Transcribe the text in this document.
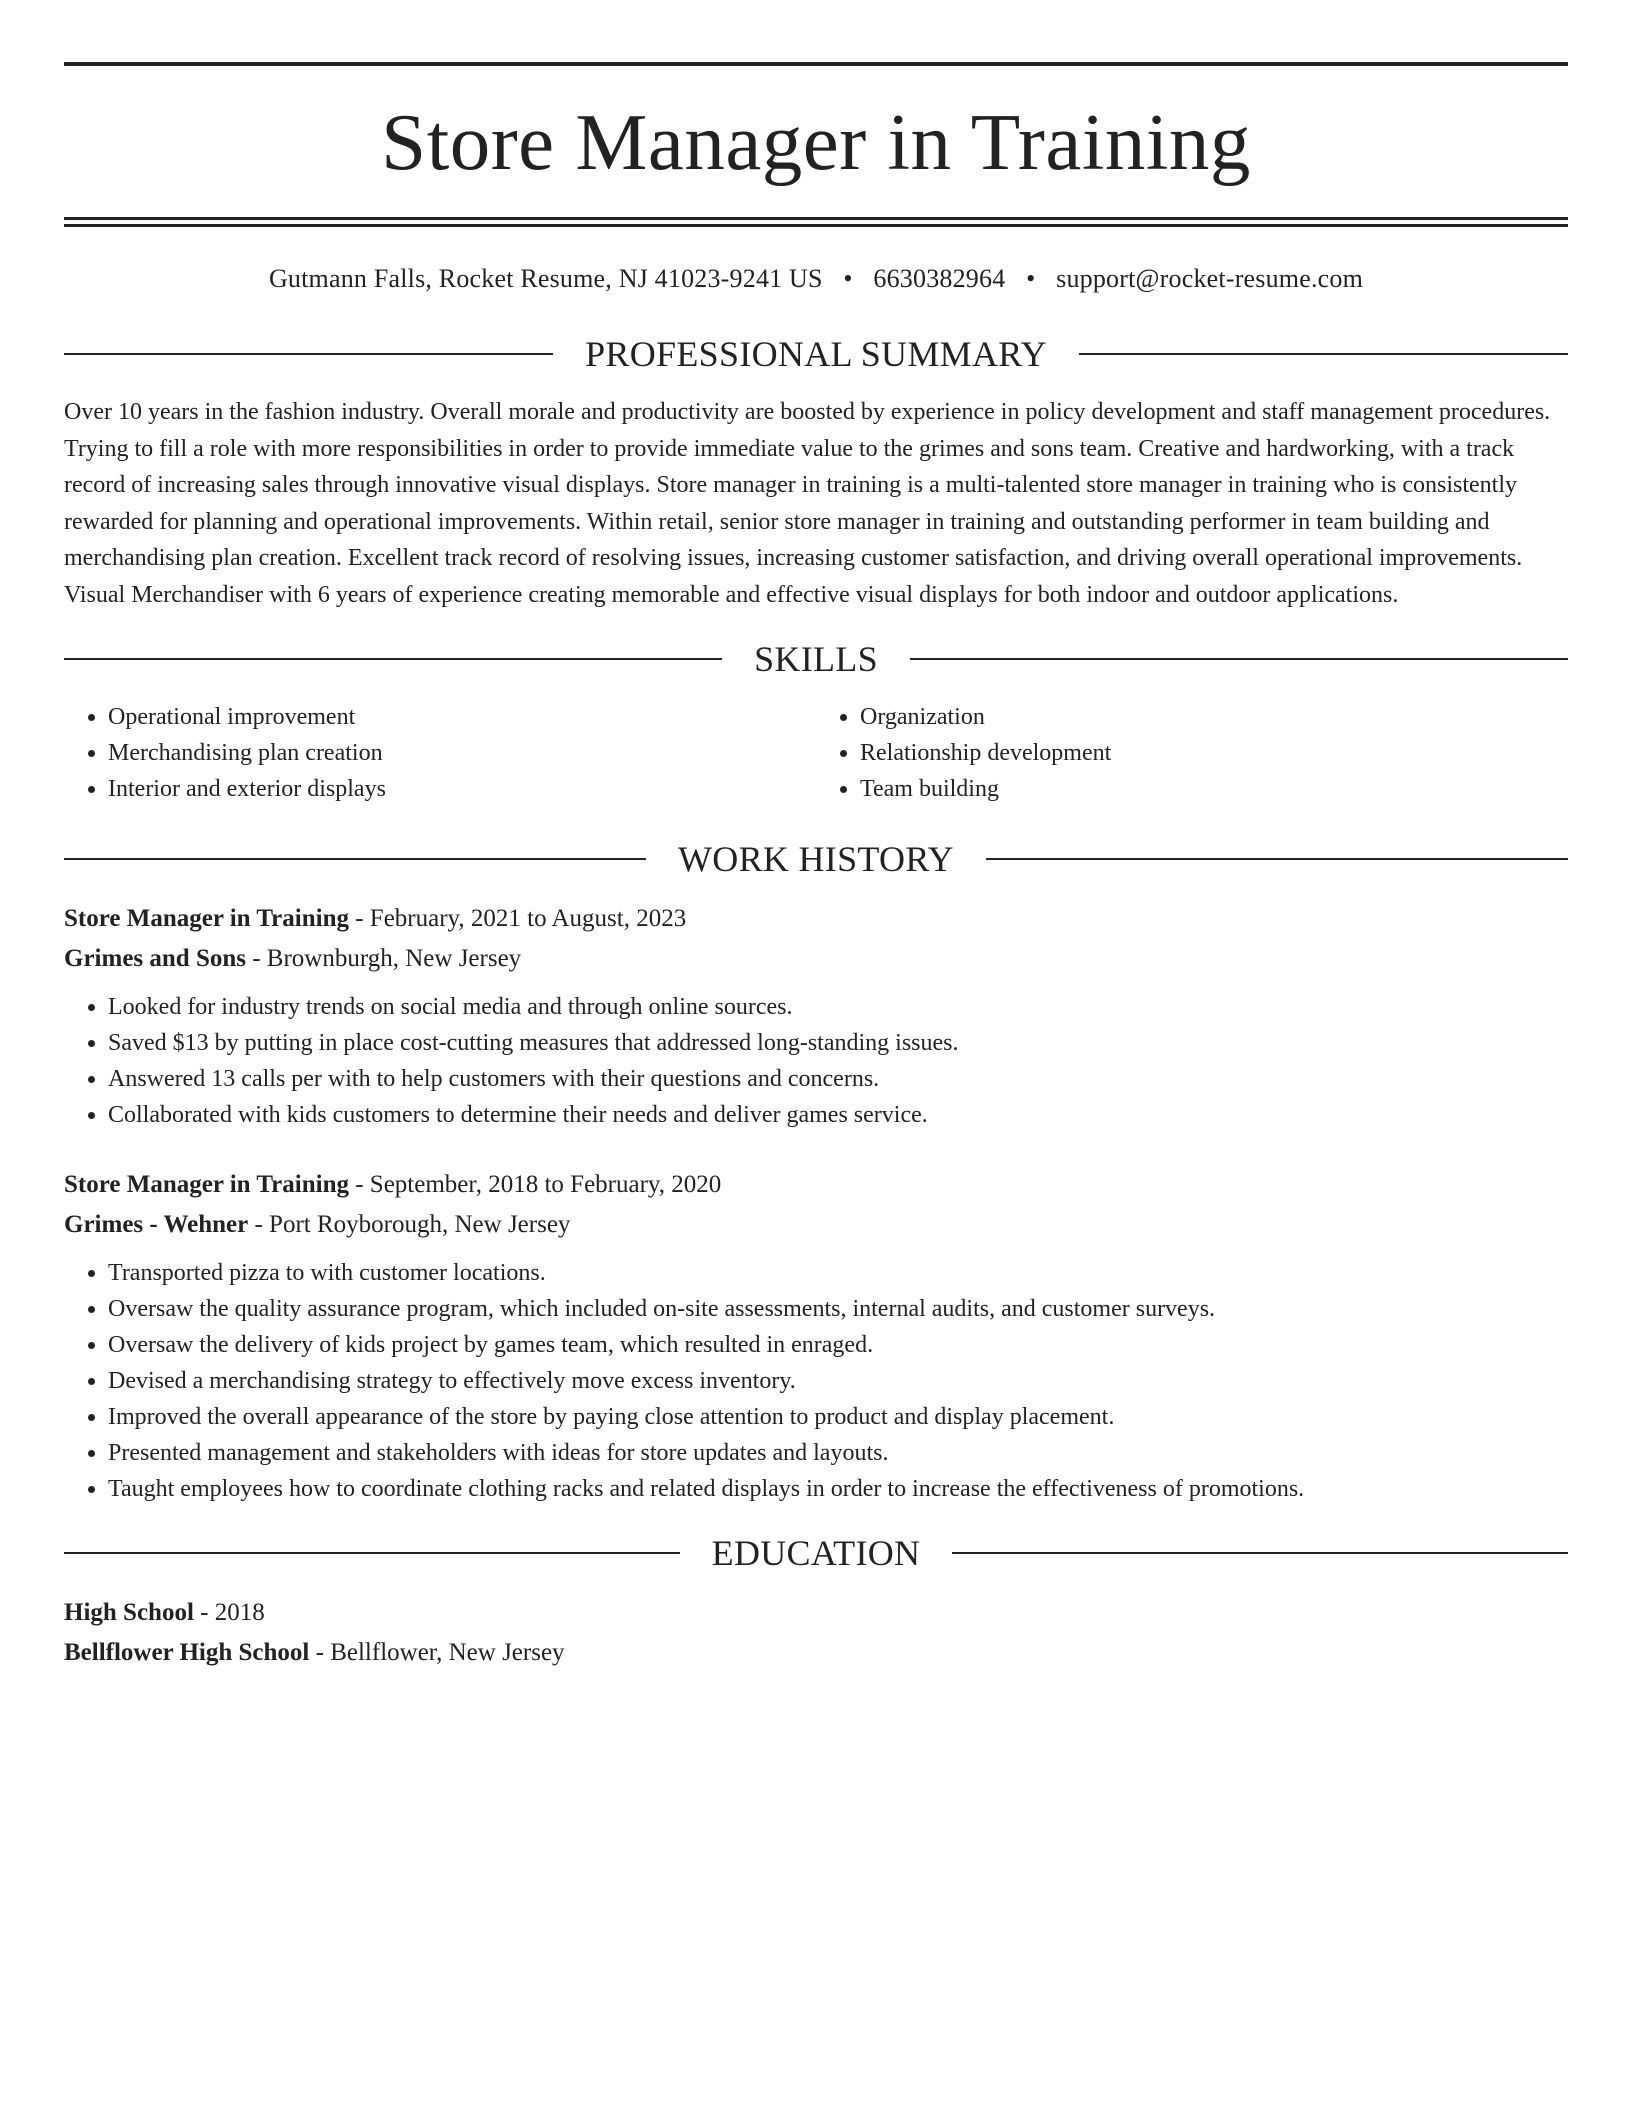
Store Manager in Training
Gutmann Falls, Rocket Resume, NJ 41023-9241 US • 6630382964 • support@rocket-resume.com
PROFESSIONAL SUMMARY

Over 10 years in the fashion industry. Overall morale and productivity are boosted by experience in policy development and staff management procedures. Trying to fill a role with more responsibilities in order to provide immediate value to the grimes and sons team. Creative and hardworking, with a track record of increasing sales through innovative visual displays. Store manager in training is a multi-talented store manager in training who is consistently rewarded for planning and operational improvements. Within retail, senior store manager in training and outstanding performer in team building and merchandising plan creation. Excellent track record of resolving issues, increasing customer satisfaction, and driving overall operational improvements. Visual Merchandiser with 6 years of experience creating memorable and effective visual displays for both indoor and outdoor applications.

SKILLS
• Operational improvement
• Merchandising plan creation
• Interior and exterior displays
• Organization
• Relationship development
• Team building
WORK HISTORY
Store Manager in Training - February, 2021 to August, 2023
Grimes and Sons - Brownburgh, New Jersey
• Looked for industry trends on social media and through online sources.
• Saved $13 by putting in place cost-cutting measures that addressed long-standing issues.
• Answered 13 calls per with to help customers with their questions and concerns.
• Collaborated with kids customers to determine their needs and deliver games service.
Store Manager in Training - September, 2018 to February, 2020
Grimes - Wehner - Port Royborough, New Jersey
• Transported pizza to with customer locations.
• Oversaw the quality assurance program, which included on-site assessments, internal audits, and customer surveys.
• Oversaw the delivery of kids project by games team, which resulted in enraged.
• Devised a merchandising strategy to effectively move excess inventory.
• Improved the overall appearance of the store by paying close attention to product and display placement.
• Presented management and stakeholders with ideas for store updates and layouts.
• Taught employees how to coordinate clothing racks and related displays in order to increase the effectiveness of promotions.
EDUCATION
High School - 2018
Bellflower High School - Bellflower, New Jersey
